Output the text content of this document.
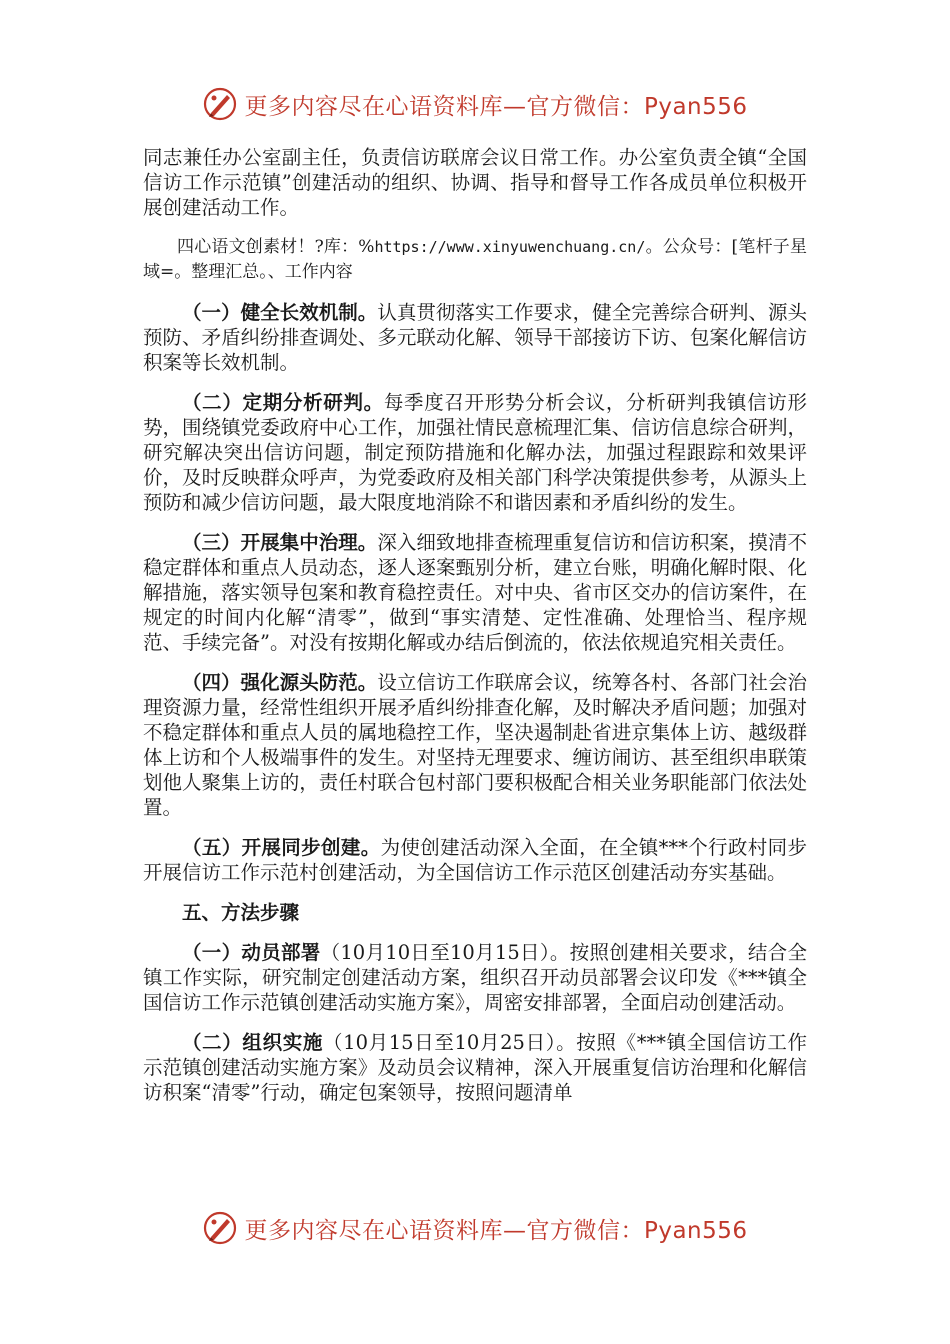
更多内容尽在心语资料库—官方微信：Pyan556

同志兼任办公室副主任，负责信访联席会议日常工作。办公室负责全镇“全国信访工作示范镇”创建活动的组织、协调、指导和督导工作各成员单位积极开展创建活动工作。

四心语文创素材！?库：%https://www.xinyuwenchuang.cn/。公众号：[笔杆子星域=。整理汇总。、工作内容

（一）健全长效机制。认真贯彻落实工作要求，健全完善综合研判、源头预防、矛盾纠纷排查调处、多元联动化解、领导干部接访下访、包案化解信访积案等长效机制。

（二）定期分析研判。每季度召开形势分析会议，分析研判我镇信访形势，围绕镇党委政府中心工作，加强社情民意梳理汇集、信访信息综合研判，研究解决突出信访问题，制定预防措施和化解办法，加强过程跟踪和效果评价，及时反映群众呼声，为党委政府及相关部门科学决策提供参考，从源头上预防和减少信访问题，最大限度地消除不和谐因素和矛盾纠纷的发生。

（三）开展集中治理。深入细致地排查梳理重复信访和信访积案，摸清不稳定群体和重点人员动态，逐人逐案甄别分析，建立台账，明确化解时限、化解措施，落实领导包案和教育稳控责任。对中央、省市区交办的信访案件，在规定的时间内化解“清零”，做到“事实清楚、定性准确、处理恰当、程序规范、手续完备”。对没有按期化解或办结后倒流的，依法依规追究相关责任。

（四）强化源头防范。设立信访工作联席会议，统筹各村、各部门社会治理资源力量，经常性组织开展矛盾纠纷排查化解，及时解决矛盾问题；加强对不稳定群体和重点人员的属地稳控工作，坚决遏制赴省进京集体上访、越级群体上访和个人极端事件的发生。对坚持无理要求、缠访闹访、甚至组织串联策划他人聚集上访的，责任村联合包村部门要积极配合相关业务职能部门依法处置。

（五）开展同步创建。为使创建活动深入全面，在全镇***个行政村同步开展信访工作示范村创建活动，为全国信访工作示范区创建活动夯实基础。

五、方法步骤

（一）动员部署（10月10日至10月15日）。按照创建相关要求，结合全镇工作实际，研究制定创建活动方案，组织召开动员部署会议印发《***镇全国信访工作示范镇创建活动实施方案》，周密安排部署，全面启动创建活动。

（二）组织实施（10月15日至10月25日）。按照《***镇全国信访工作示范镇创建活动实施方案》及动员会议精神，深入开展重复信访治理和化解信访积案“清零”行动，确定包案领导，按照问题清单

更多内容尽在心语资料库—官方微信：Pyan556
